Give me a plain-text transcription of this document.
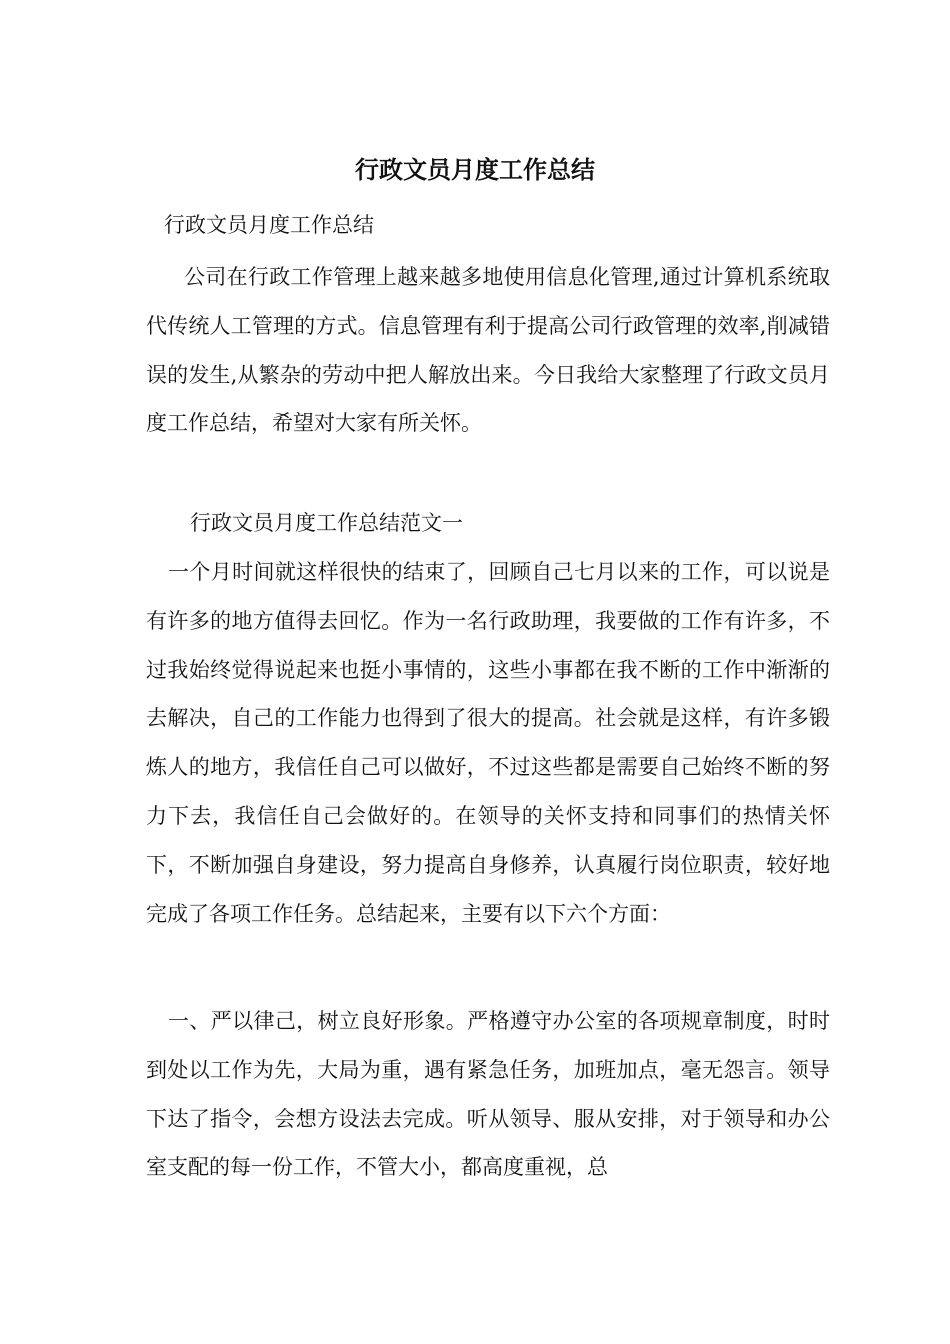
行政文员月度工作总结

行政文员月度工作总结

公司在行政工作管理上越来越多地使用信息化管理,通过计算机系统取代传统人工管理的方式。信息管理有利于提高公司行政管理的效率,削减错误的发生,从繁杂的劳动中把人解放出来。今日我给大家整理了行政文员月度工作总结，希望对大家有所关怀。

行政文员月度工作总结范文一

一个月时间就这样很快的结束了，回顾自己七月以来的工作，可以说是有许多的地方值得去回忆。作为一名行政助理，我要做的工作有许多，不过我始终觉得说起来也挺小事情的，这些小事都在我不断的工作中渐渐的去解决，自己的工作能力也得到了很大的提高。社会就是这样，有许多锻炼人的地方，我信任自己可以做好，不过这些都是需要自己始终不断的努力下去，我信任自己会做好的。在领导的关怀支持和同事们的热情关怀下，不断加强自身建设，努力提高自身修养，认真履行岗位职责，较好地完成了各项工作任务。总结起来，主要有以下六个方面：

一、严以律己，树立良好形象。严格遵守办公室的各项规章制度，时时到处以工作为先，大局为重，遇有紧急任务，加班加点，毫无怨言。领导下达了指令，会想方设法去完成。听从领导、服从安排，对于领导和办公室支配的每一份工作，不管大小，都高度重视，总
